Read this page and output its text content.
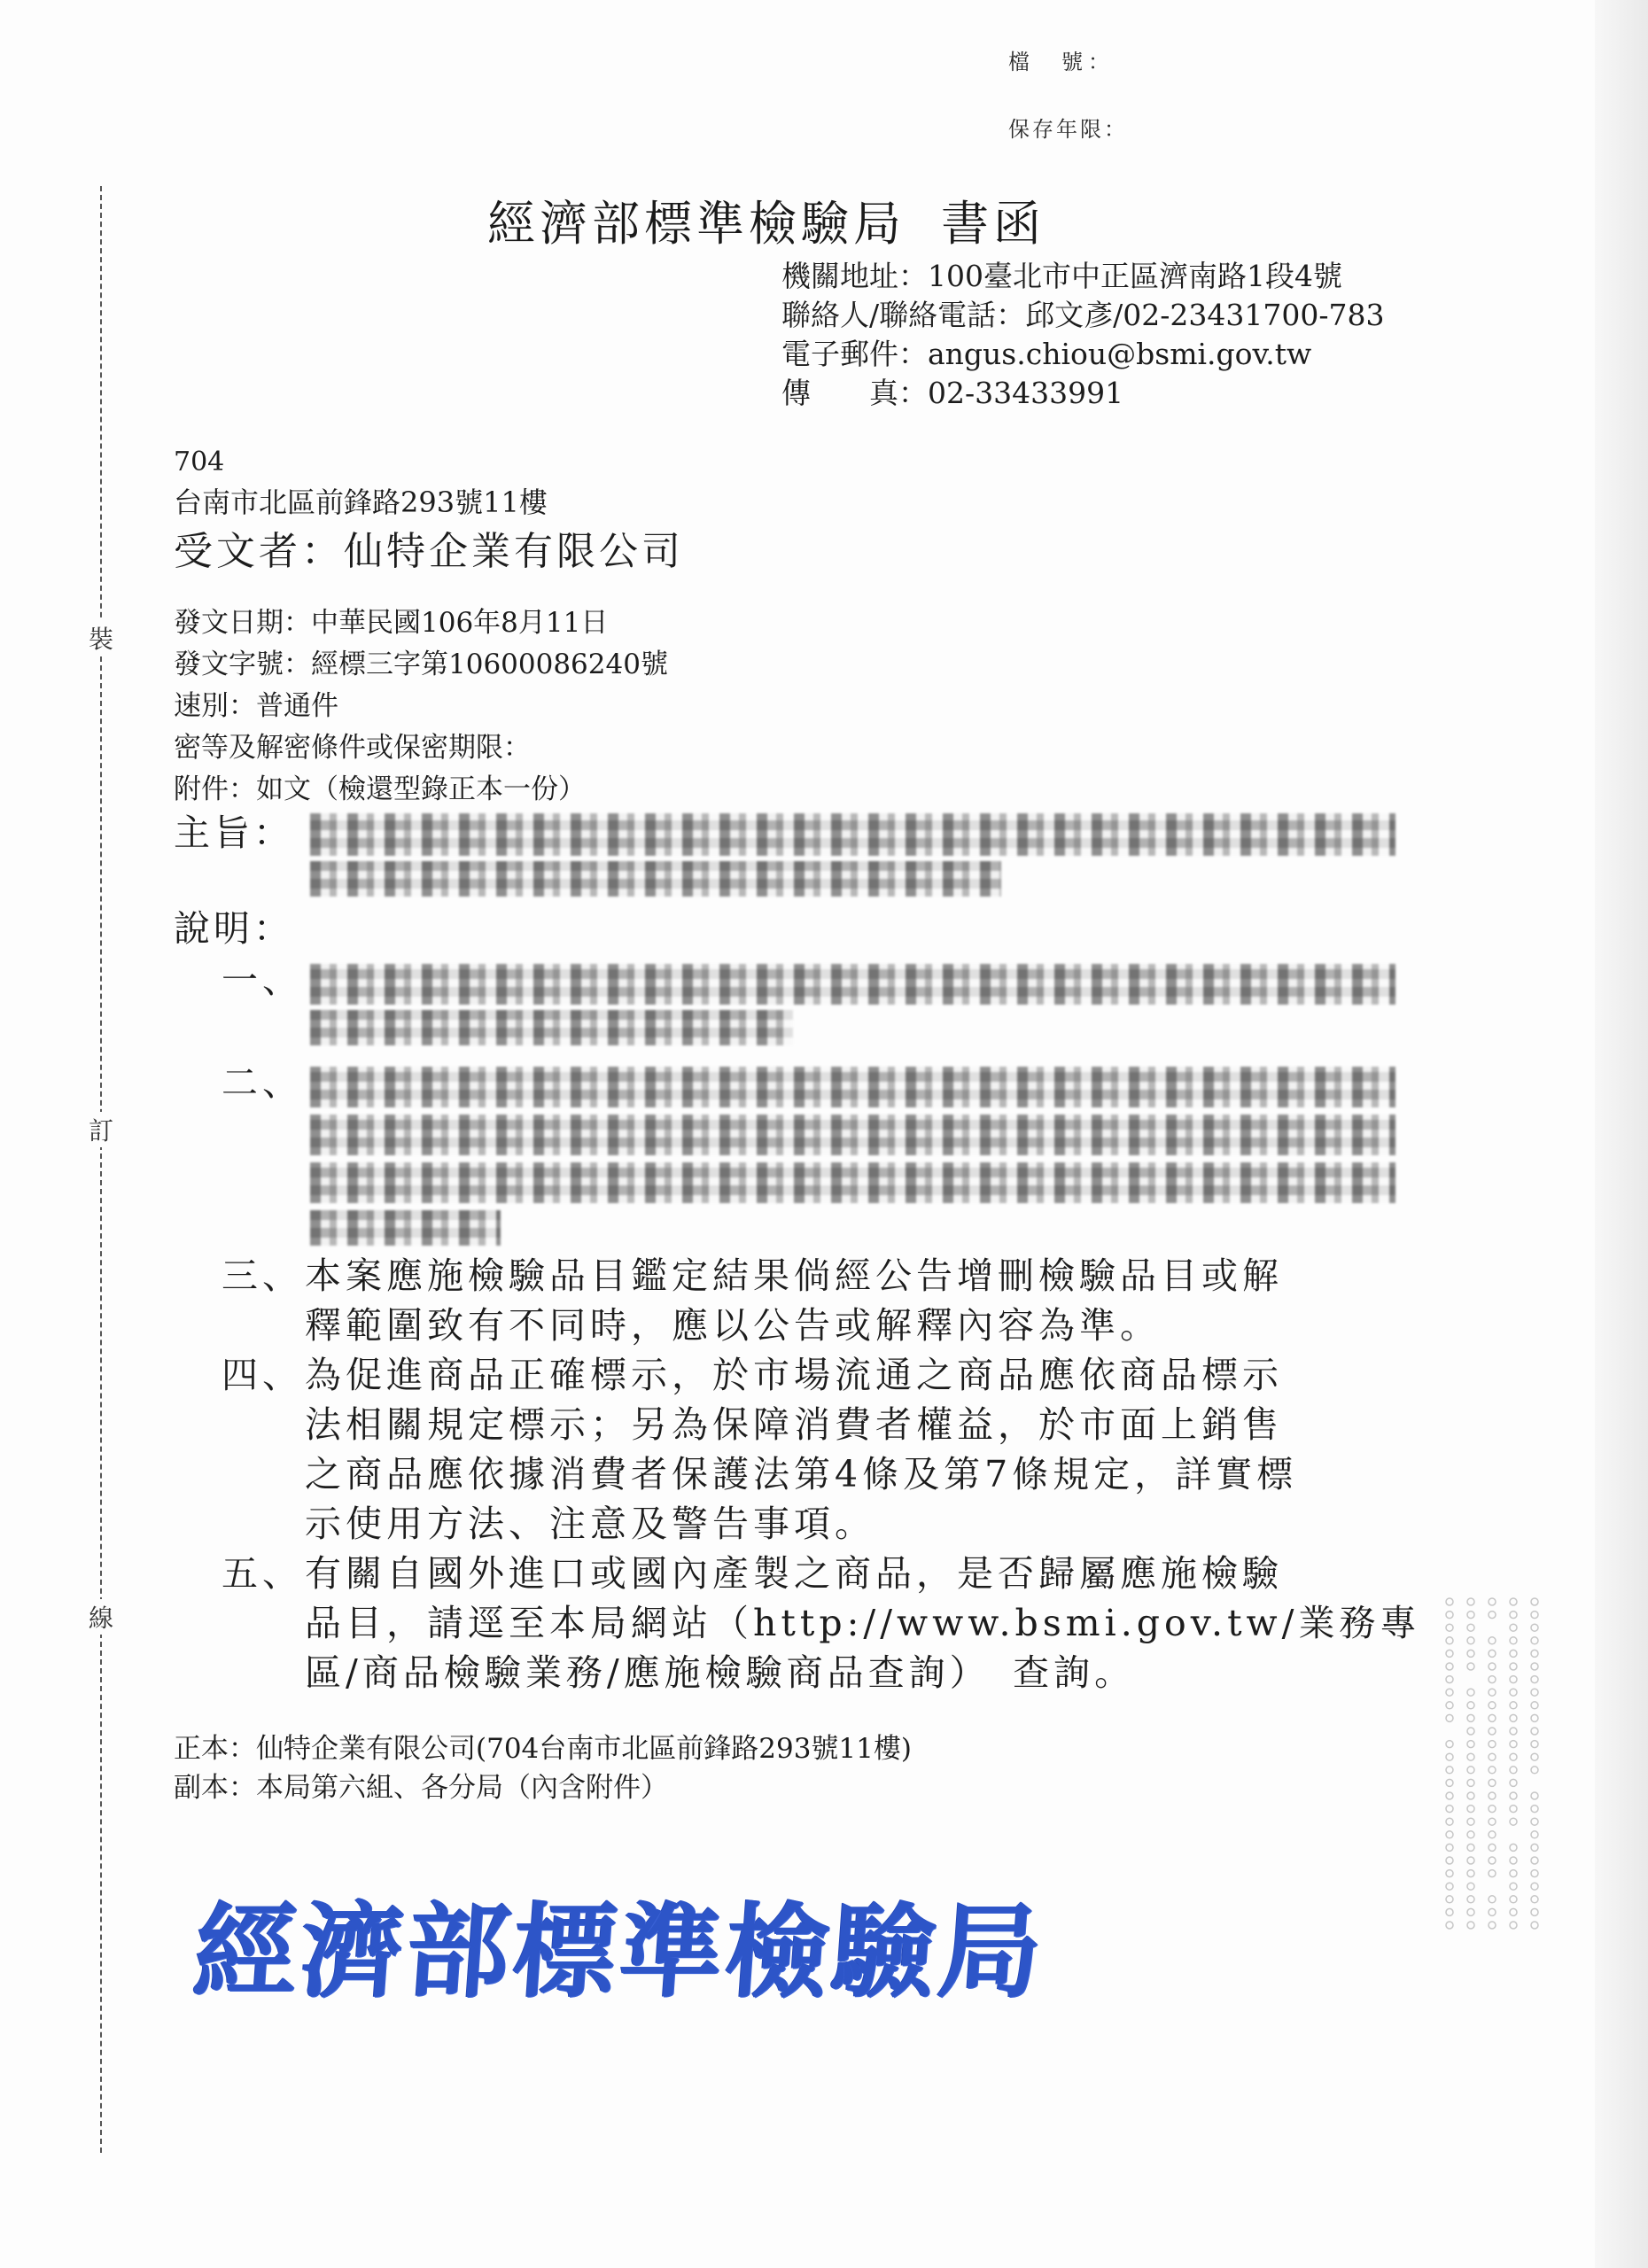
檔　號：
保存年限：
裝
訂
線
經濟部標準檢驗局 書函
機關地址：100臺北市中正區濟南路1段4號
聯絡人/聯絡電話：邱文彥/02-23431700-783
電子郵件：angus.chiou@bsmi.gov.tw
傳　　真：02-33433991
704
台南市北區前鋒路293號11樓
受文者：仙特企業有限公司
發文日期：中華民國106年8月11日
發文字號：經標三字第10600086240號
速別：普通件
密等及解密條件或保密期限：
附件：如文（檢還型錄正本一份）
主旨：
說明：
一、
二、
三、本案應施檢驗品目鑑定結果倘經公告增刪檢驗品目或解
釋範圍致有不同時，應以公告或解釋內容為準。
四、為促進商品正確標示，於市場流通之商品應依商品標示
法相關規定標示；另為保障消費者權益，於市面上銷售
之商品應依據消費者保護法第4條及第7條規定，詳實標
示使用方法、注意及警告事項。
五、有關自國外進口或國內產製之商品，是否歸屬應施檢驗
品目，請逕至本局網站（http://www.bsmi.gov.tw/業務專
區/商品檢驗業務/應施檢驗商品查詢）　查詢。
正本：仙特企業有限公司(704台南市北區前鋒路293號11樓)
副本：本局第六組、各分局（內含附件）
經濟部標準檢驗局
